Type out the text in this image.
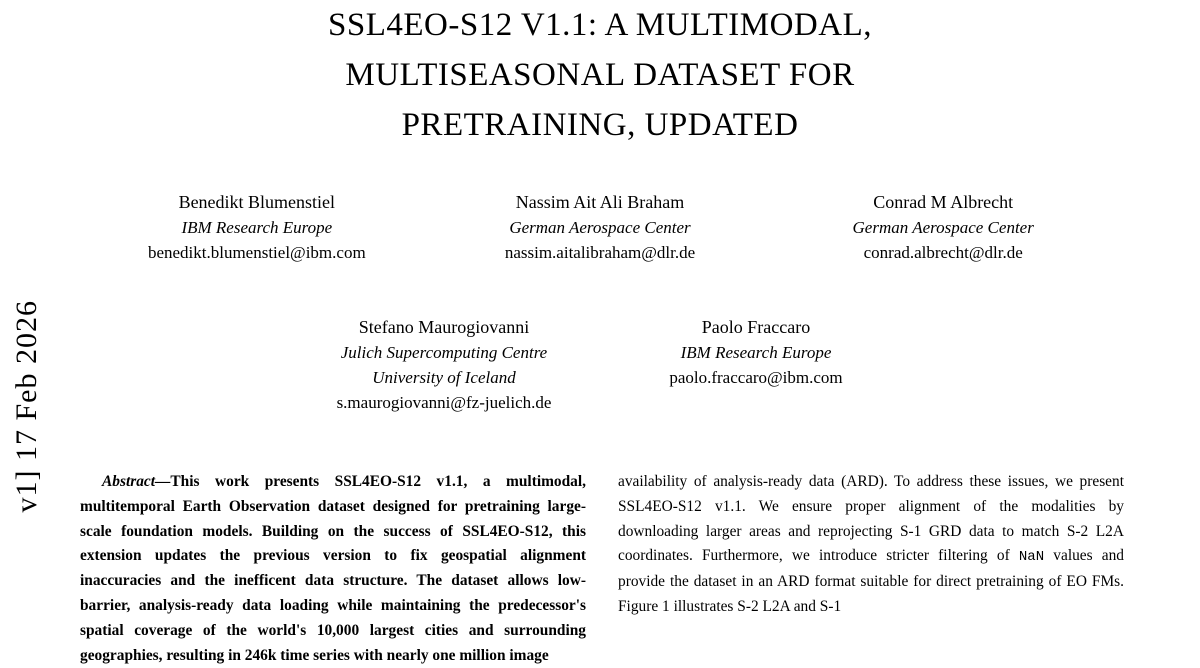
v1] 17 Feb 2026
SSL4EO-S12 V1.1: A MULTIMODAL,
MULTISEASONAL DATASET FOR
PRETRAINING, UPDATED
Benedikt Blumenstiel
IBM Research Europe
benedikt.blumenstiel@ibm.com
Nassim Ait Ali Braham
German Aerospace Center
nassim.aitalibraham@dlr.de
Conrad M Albrecht
German Aerospace Center
conrad.albrecht@dlr.de
Stefano Maurogiovanni
Julich Supercomputing Centre
University of Iceland
s.maurogiovanni@fz-juelich.de
Paolo Fraccaro
IBM Research Europe
paolo.fraccaro@ibm.com

Abstract—This work presents SSL4EO-S12 v1.1, a multimodal, multitemporal Earth Observation dataset designed for pretraining large-scale foundation models. Building on the success of SSL4EO-S12, this extension updates the previous version to fix geospatial alignment inaccuracies and the inefficent data structure. The dataset allows low-barrier, analysis-ready data loading while maintaining the predecessor's spatial coverage of the world's 10,000 largest cities and surrounding geographies, resulting in 246k time series with nearly one million image

availability of analysis-ready data (ARD). To address these issues, we present SSL4EO-S12 v1.1. We ensure proper alignment of the modalities by downloading larger areas and reprojecting S-1 GRD data to match S-2 L2A coordinates. Furthermore, we introduce stricter filtering of NaN values and provide the dataset in an ARD format suitable for direct pretraining of EO FMs. Figure 1 illustrates S-2 L2A and S-1
